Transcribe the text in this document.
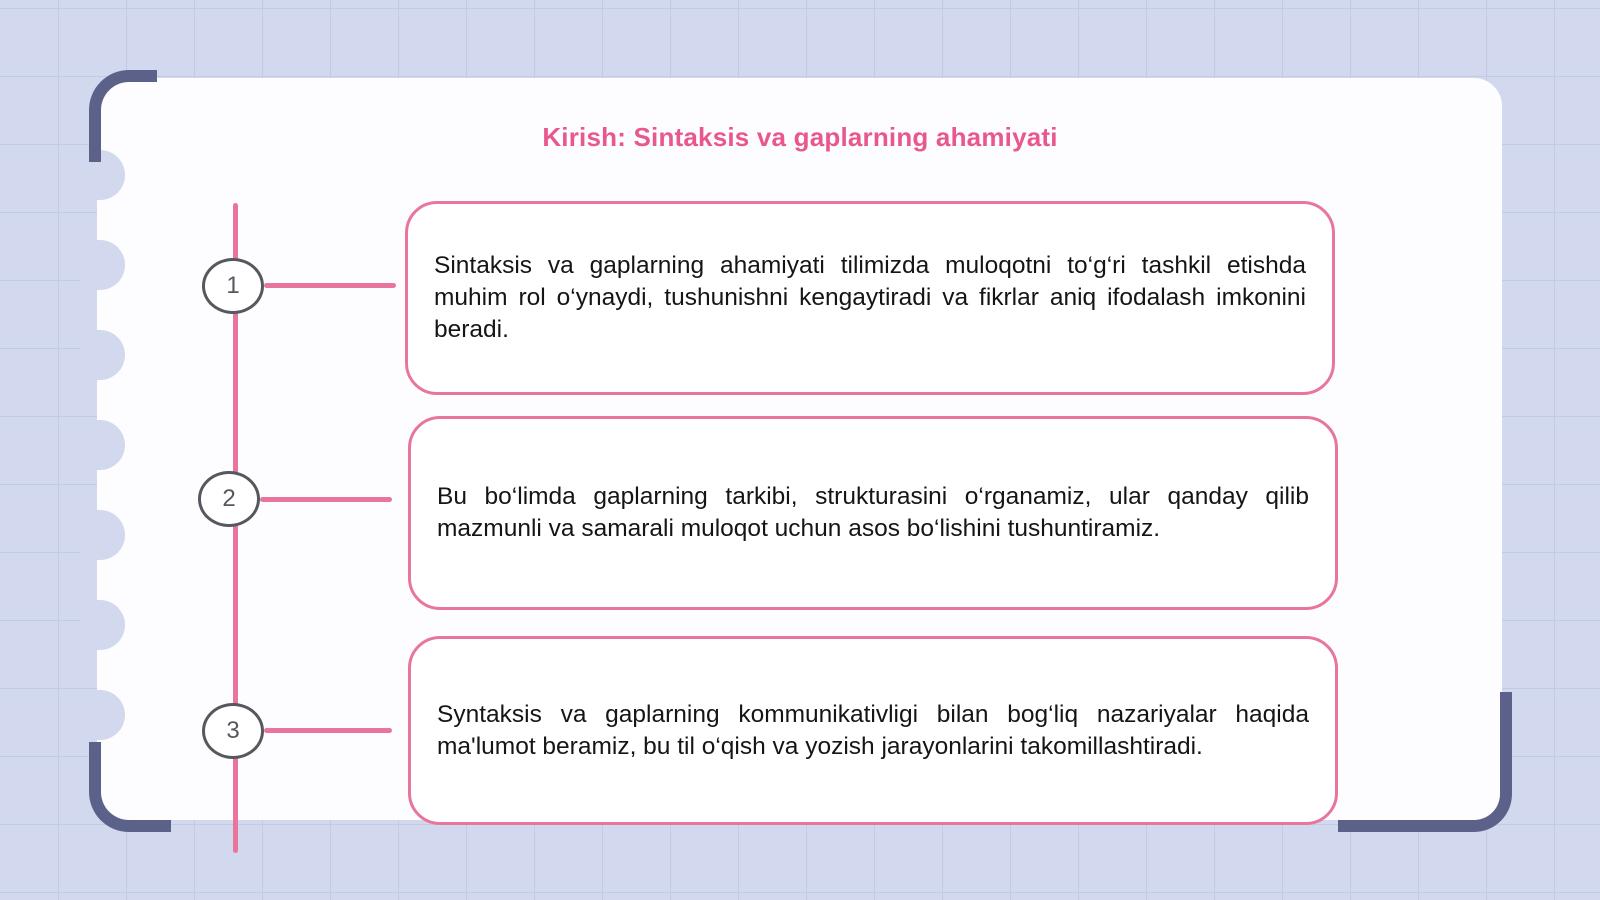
Kirish: Sintaksis va gaplarning ahamiyati
1
2
3

Sintaksis va gaplarning ahamiyati tilimizda muloqotni to‘g‘ri tashkil etishda muhim rol o‘ynaydi, tushunishni kengaytiradi va fikrlar aniq ifodalash imkonini beradi.

Bu bo‘limda gaplarning tarkibi, strukturasini o‘rganamiz, ular qanday qilib mazmunli va samarali muloqot uchun asos bo‘lishini tushuntiramiz.

Syntaksis va gaplarning kommunikativligi bilan bog‘liq nazariyalar haqida ma'lumot beramiz, bu til o‘qish va yozish jarayonlarini takomillashtiradi.
